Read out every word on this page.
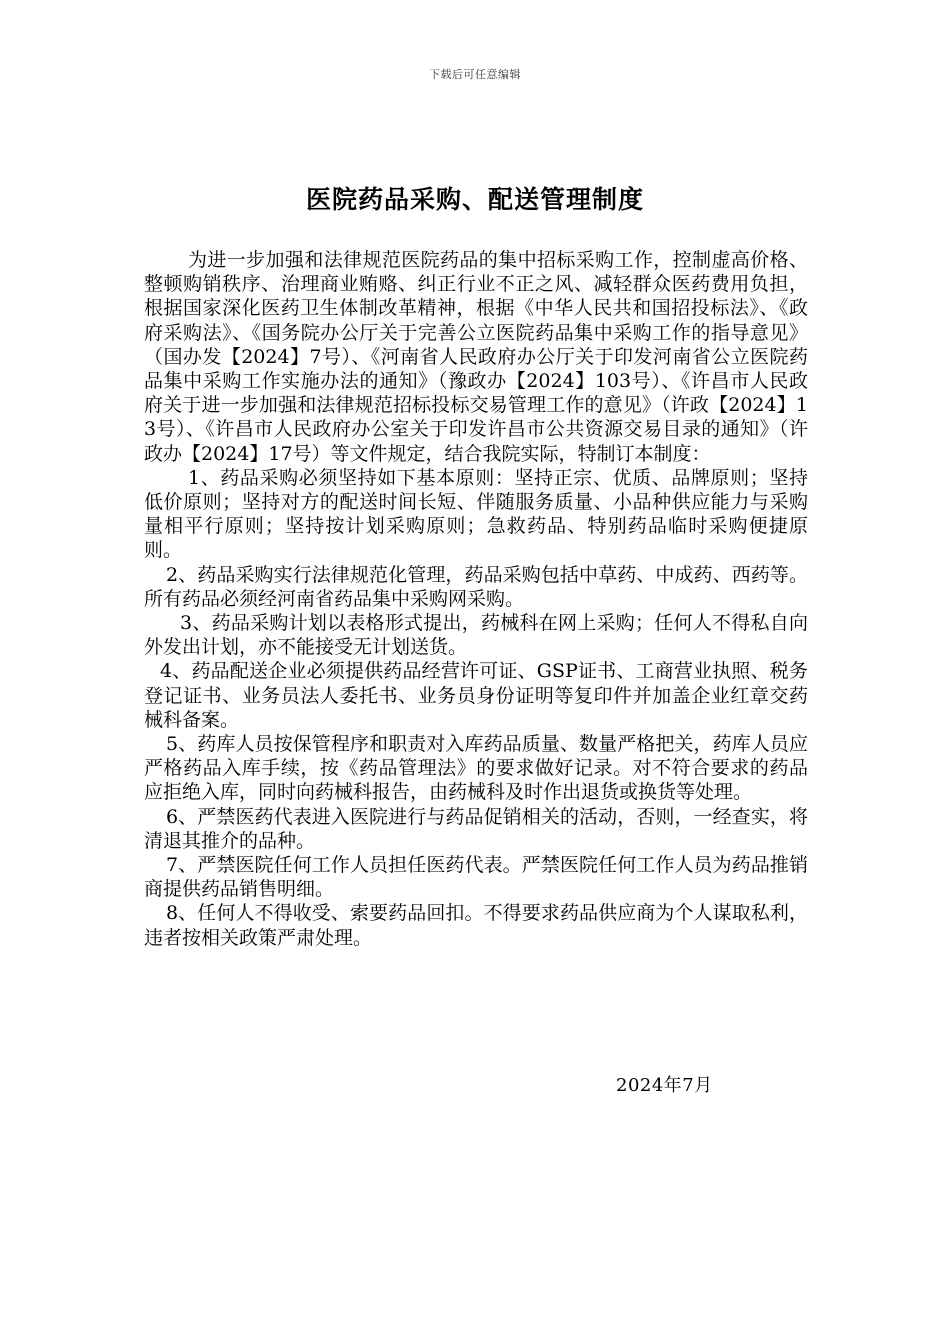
下载后可任意编辑
医院药品采购、配送管理制度

为进一步加强和法律规范医院药品的集中招标采购工作，控制虚高价格、整顿购销秩序、治理商业贿赂、纠正行业不正之风、减轻群众医药费用负担，根据国家深化医药卫生体制改革精神，根据《中华人民共和国招投标法》、《政府采购法》、《国务院办公厅关于完善公立医院药品集中采购工作的指导意见》（国办发【2024】7号）、《河南省人民政府办公厅关于印发河南省公立医院药品集中采购工作实施办法的通知》（豫政办【2024】103号）、《许昌市人民政府关于进一步加强和法律规范招标投标交易管理工作的意见》（许政【2024】13号）、《许昌市人民政府办公室关于印发许昌市公共资源交易目录的通知》（许政办【2024】17号）等文件规定，结合我院实际，特制订本制度：

1、药品采购必须坚持如下基本原则：坚持正宗、优质、品牌原则；坚持低价原则；坚持对方的配送时间长短、伴随服务质量、小品种供应能力与采购量相平行原则；坚持按计划采购原则；急救药品、特别药品临时采购便捷原则。

2、药品采购实行法律规范化管理，药品采购包括中草药、中成药、西药等。所有药品必须经河南省药品集中采购网采购。

3、药品采购计划以表格形式提出，药械科在网上采购；任何人不得私自向外发出计划，亦不能接受无计划送货。

4、药品配送企业必须提供药品经营许可证、GSP证书、工商营业执照、税务登记证书、业务员法人委托书、业务员身份证明等复印件并加盖企业红章交药械科备案。

5、药库人员按保管程序和职责对入库药品质量、数量严格把关，药库人员应严格药品入库手续，按《药品管理法》的要求做好记录。对不符合要求的药品应拒绝入库，同时向药械科报告，由药械科及时作出退货或换货等处理。

6、严禁医药代表进入医院进行与药品促销相关的活动，否则，一经查实，将清退其推介的品种。

7、严禁医院任何工作人员担任医药代表。严禁医院任何工作人员为药品推销商提供药品销售明细。

8、任何人不得收受、索要药品回扣。不得要求药品供应商为个人谋取私利，违者按相关政策严肃处理。

2024年7月
